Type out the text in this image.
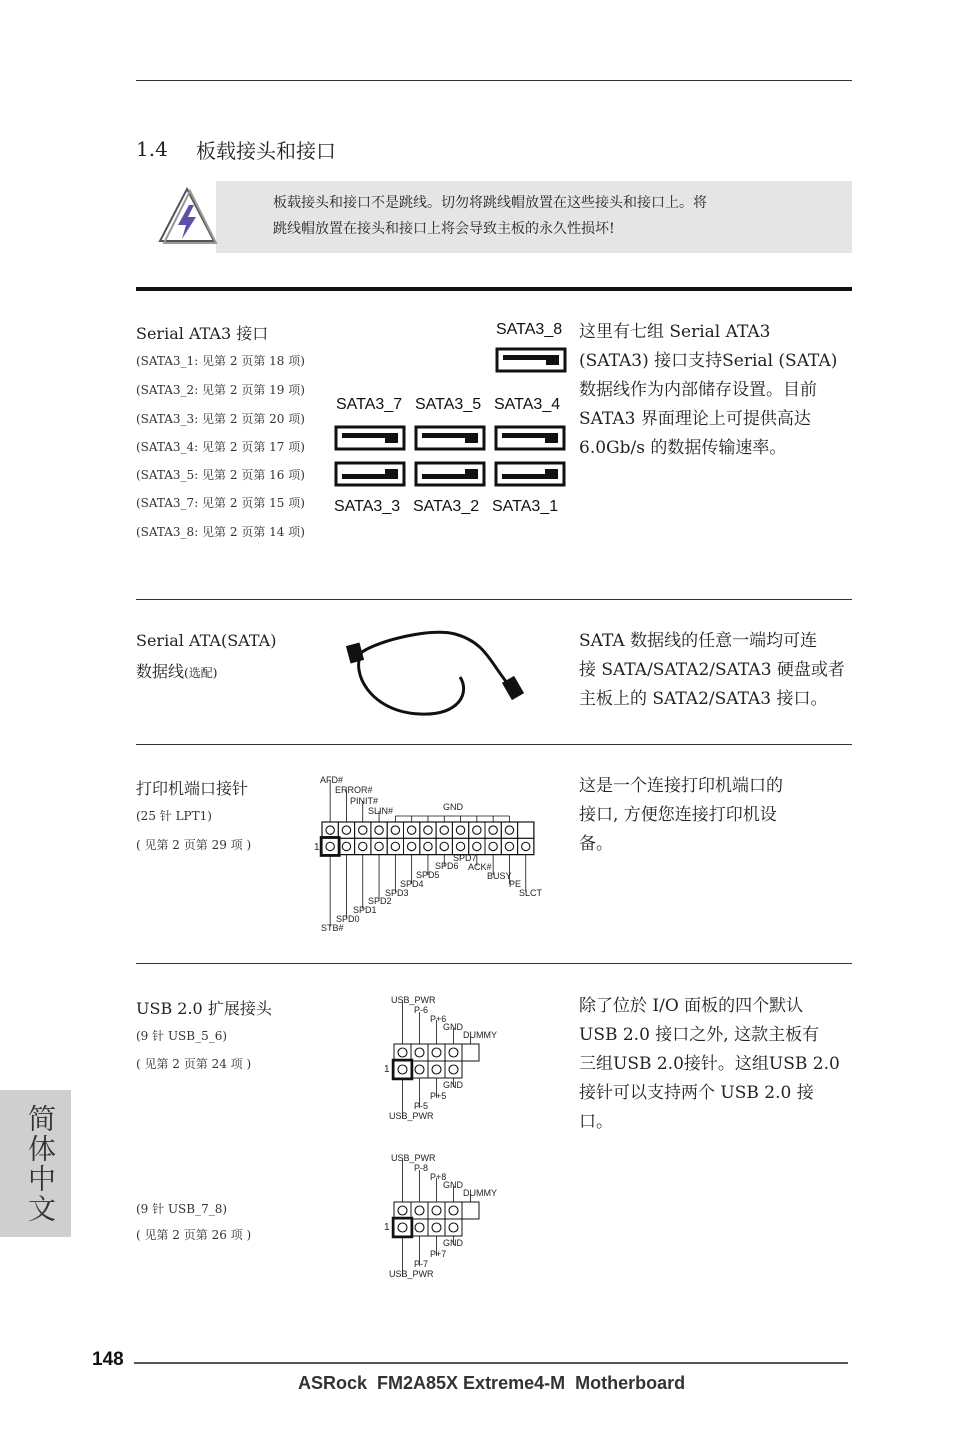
1.4 板载接头和接口
板载接头和接口不是跳线。切勿将跳线帽放置在这些接头和接口上。将
跳线帽放置在接头和接口上将会导致主板的永久性损坏!
Serial ATA3 接口
(SATA3_1: 见第 2 页第 18 项)
(SATA3_2: 见第 2 页第 19 项)
(SATA3_3: 见第 2 页第 20 项)
(SATA3_4: 见第 2 页第 17 项)
(SATA3_5: 见第 2 页第 16 项)
(SATA3_7: 见第 2 页第 15 项)
(SATA3_8: 见第 2 页第 14 项)
SATA3_8
SATA3_7 SATA3_5 SATA3_4
SATA3_3 SATA3_2 SATA3_1
这里有七组 Serial ATA3
(SATA3) 接口支持Serial (SATA)
数据线作为内部储存设置。目前
SATA3 界面理论上可提供高达
6.0Gb/s 的数据传输速率。
Serial ATA(SATA)
数据线(选配)
SATA 数据线的任意一端均可连
接 SATA/SATA2/SATA3 硬盘或者
主板上的 SATA2/SATA3 接口。
打印机端口接针
(25 针 LPT1)
( 见第 2 页第 29 项 )	1
AFD#
ERROR#
PINIT#
SLIN#	GND
SPD7
SPD6 ACK#
SPD5	BUSY
SPD4	PE
SPD3	SLCT
SPD2
SPD1
SPD0
STB#
这是一个连接打印机端口的
接口, 方便您连接打印机设
备。
USB 2.0 扩展接头
(9 针 USB_5_6)
( 见第 2 页第 24 项 )	1
USB_PWR
P-6
P+6
GND
DUMMY
GND
P+5
P-5
USB_PWR
除了位於 I/O 面板的四个默认
USB 2.0 接口之外, 这款主板有
三组USB 2.0接针。这组USB 2.0
接针可以支持两个 USB 2.0 接
口。
(9 针 USB_7_8)
( 见第 2 页第 26 项 )
1
USB_PWR
P-8
P+8
GND
DUMMY
GND
P+7
P-7
USB_PWR
简体中文
148
ASRock  FM2A85X Extreme4-M  Motherboard
